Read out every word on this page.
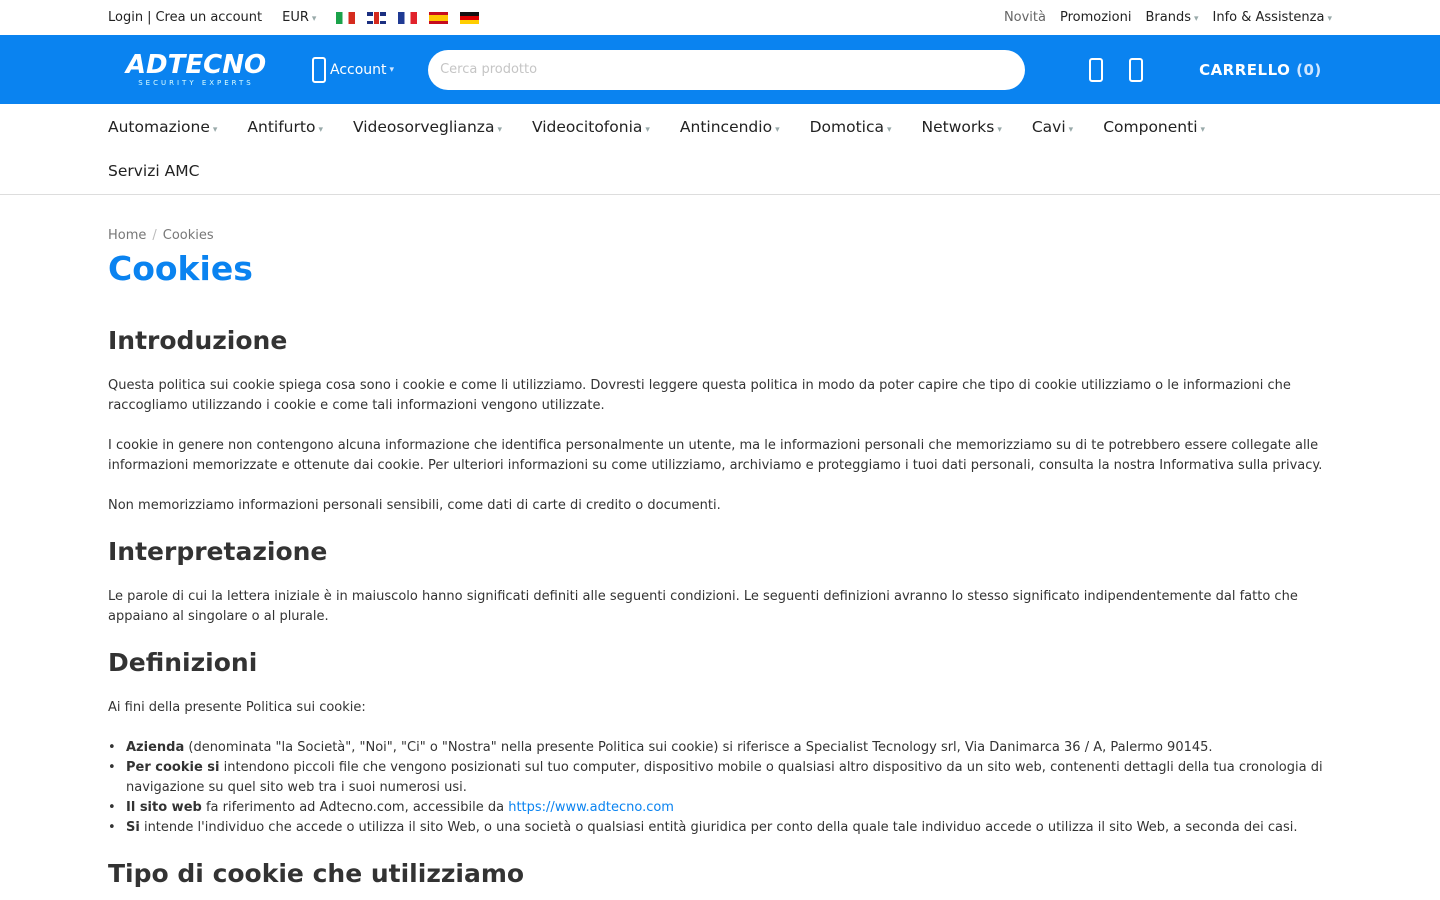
Login | Crea un account EUR ▾	Novità Promozioni Brands ▾ Info & Assistenza ▾
ADTECNO
SECURITY EXPERTS
Account ▾
Cerca prodotto	CARRELLO (0)
Automazione ▾ Antifurto ▾ Videosorveglianza ▾ Videocitofonia ▾ Antincendio ▾ Domotica ▾ Networks ▾ Cavi ▾ Componenti ▾
Servizi AMC
Home / Cookies
Cookies
Introduzione

Questa politica sui cookie spiega cosa sono i cookie e come li utilizziamo. Dovresti leggere questa politica in modo da poter capire che tipo di cookie utilizziamo o le informazioni che raccogliamo utilizzando i cookie e come tali informazioni vengono utilizzate.

I cookie in genere non contengono alcuna informazione che identifica personalmente un utente, ma le informazioni personali che memorizziamo su di te potrebbero essere collegate alle informazioni memorizzate e ottenute dai cookie. Per ulteriori informazioni su come utilizziamo, archiviamo e proteggiamo i tuoi dati personali, consulta la nostra Informativa sulla privacy.

Non memorizziamo informazioni personali sensibili, come dati di carte di credito o documenti.

Interpretazione

Le parole di cui la lettera iniziale è in maiuscolo hanno significati definiti alle seguenti condizioni. Le seguenti definizioni avranno lo stesso significato indipendentemente dal fatto che appaiano al singolare o al plurale.

Definizioni

Ai fini della presente Politica sui cookie:

• Azienda (denominata "la Società", "Noi", "Ci" o "Nostra" nella presente Politica sui cookie) si riferisce a Specialist Tecnology srl, Via Danimarca 36 / A, Palermo 90145.
• Per cookie si intendono piccoli file che vengono posizionati sul tuo computer, dispositivo mobile o qualsiasi altro dispositivo da un sito web, contenenti dettagli della tua cronologia di navigazione su quel sito web tra i suoi numerosi usi.
• Il sito web fa riferimento ad Adtecno.com, accessibile da https://www.adtecno.com
• Si intende l'individuo che accede o utilizza il sito Web, o una società o qualsiasi entità giuridica per conto della quale tale individuo accede o utilizza il sito Web, a seconda dei casi.
Tipo di cookie che utilizziamo
